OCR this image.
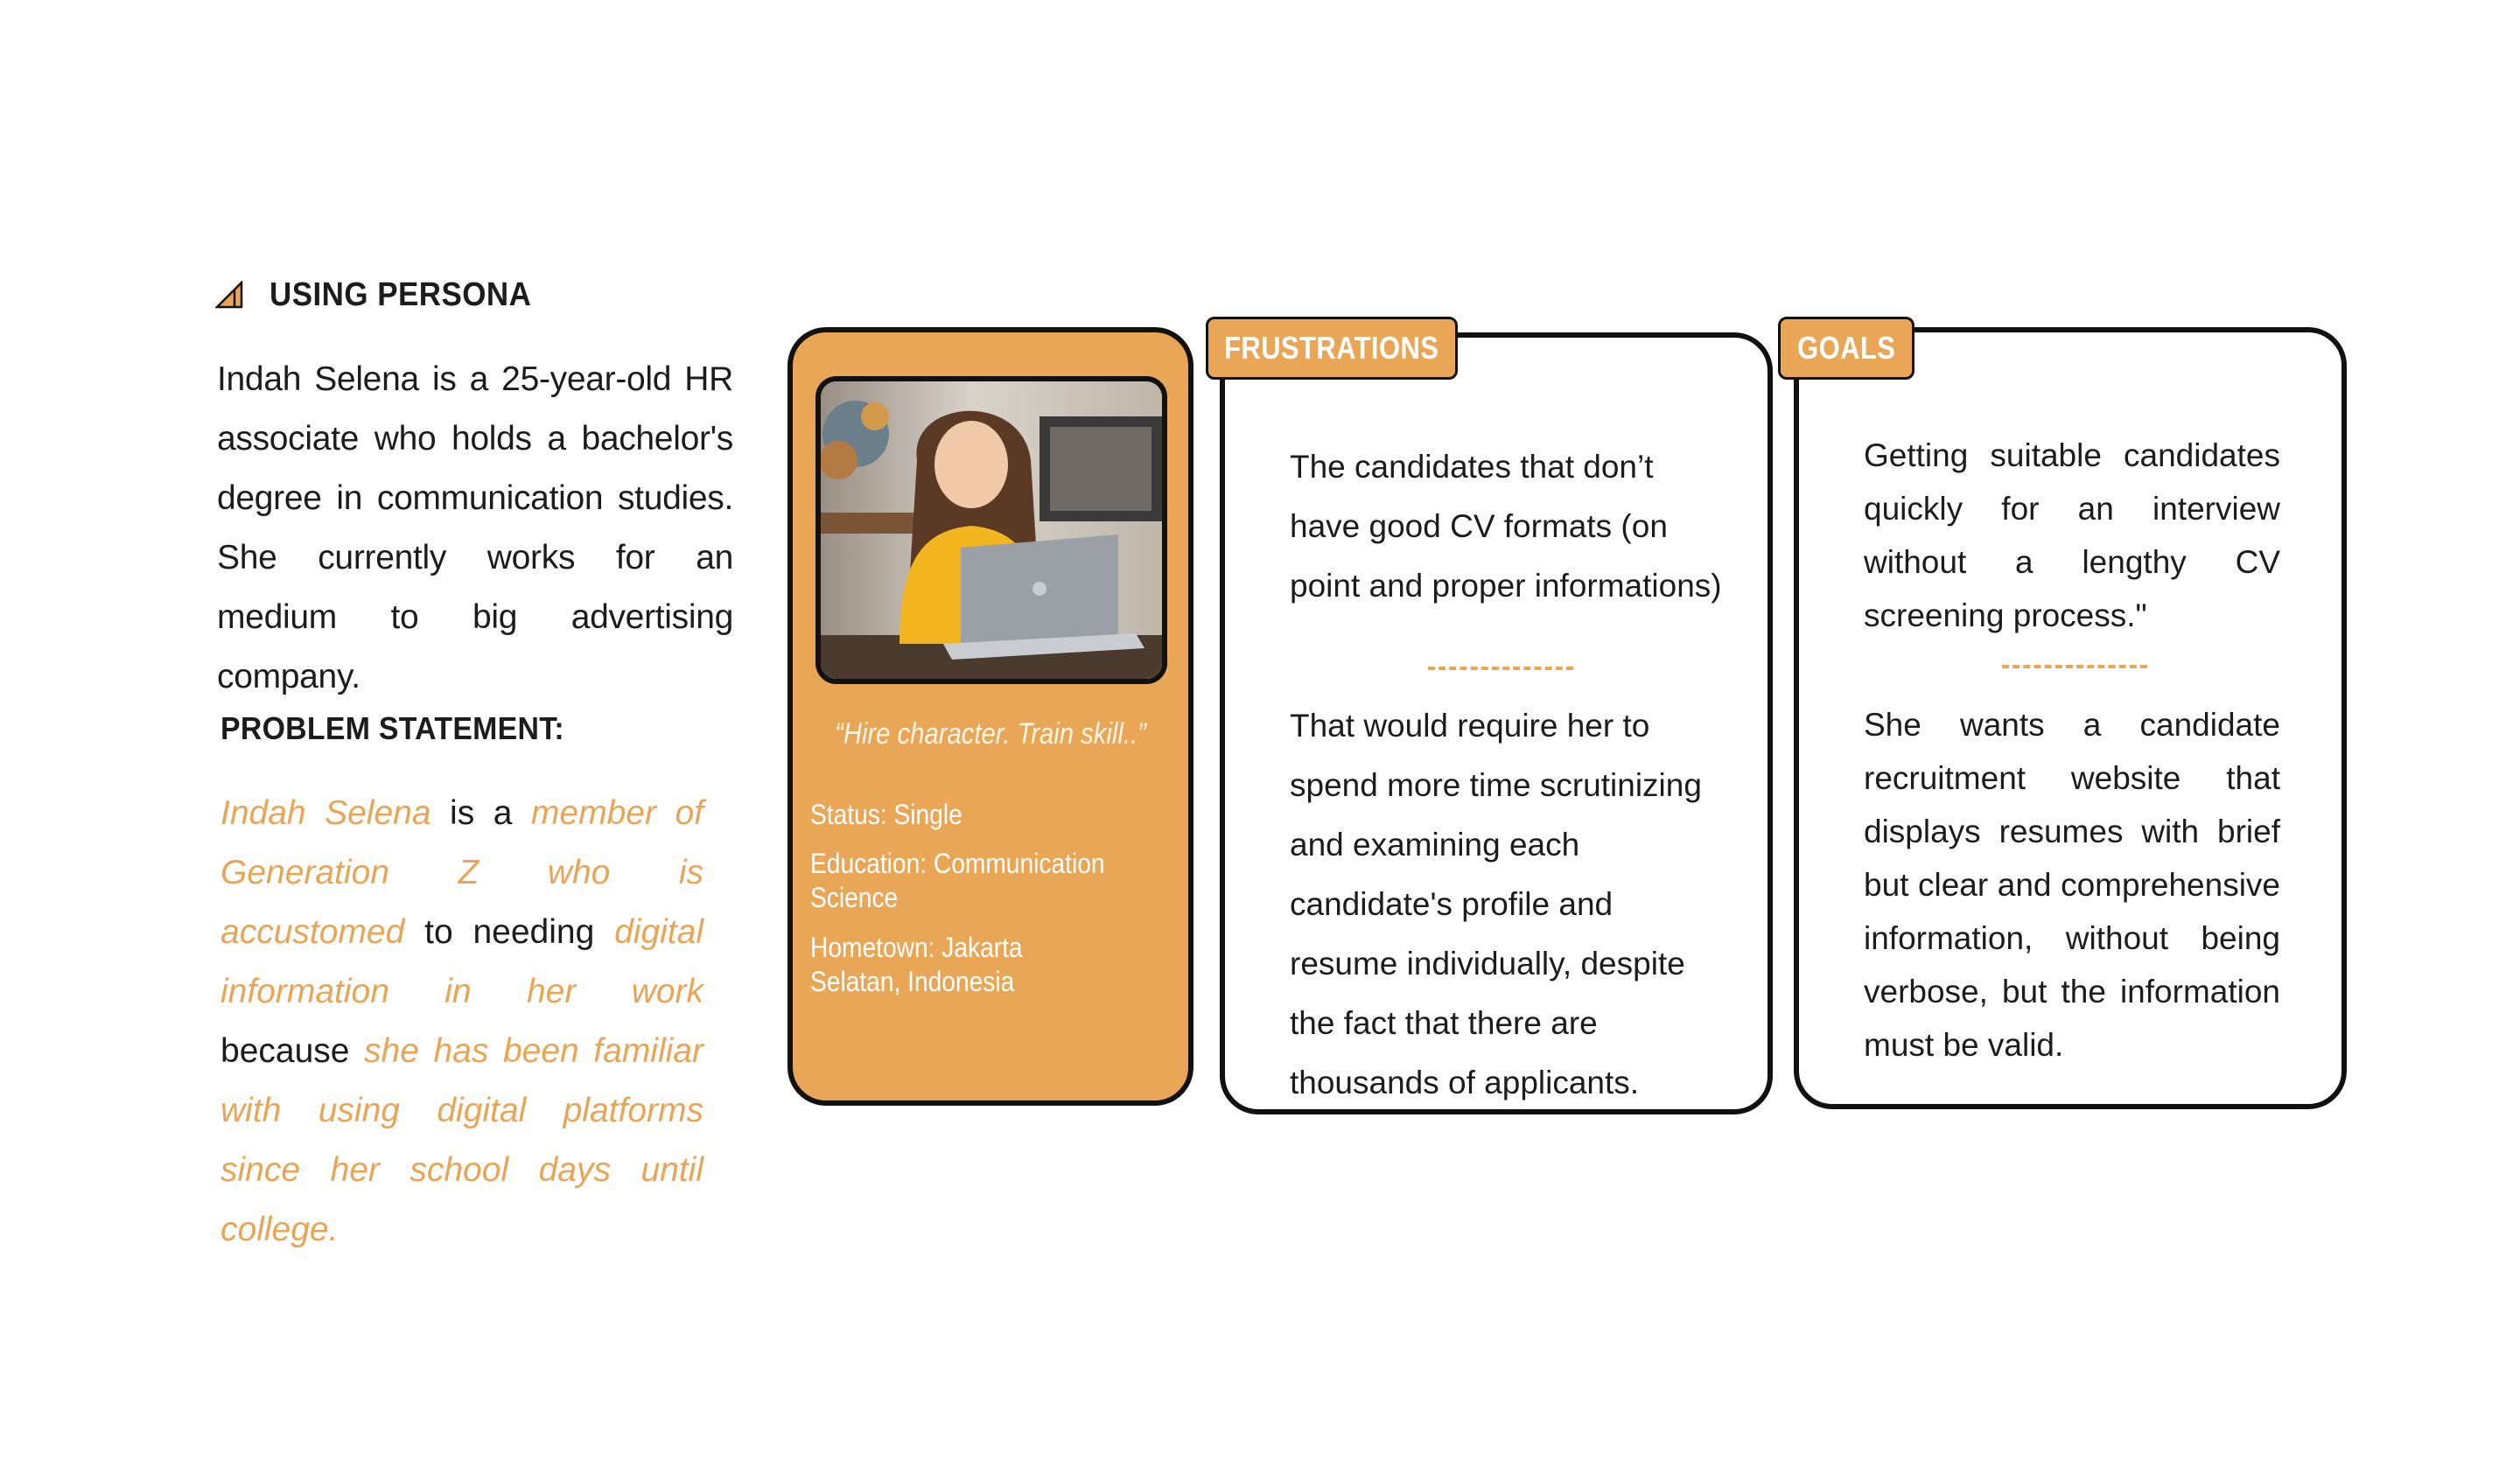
USING PERSONA
Indah Selena is a 25-year-old HR associate who holds a bachelor's degree in communication studies. She currently works for an medium to big advertising company.
PROBLEM STATEMENT:
Indah Selena is a member of Generation Z who is accustomed to needing digital information in her work because she has been familiar with using digital platforms since her school days until college.
“Hire character. Train skill..”
Status: Single
Education: Communication Science
Hometown: Jakarta Selatan, Indonesia
The candidates that don’t have good CV formats (on point and proper informations)
That would require her to spend more time scrutinizing and examining each candidate's profile and resume individually, despite the fact that there are thousands of applicants.
FRUSTRATIONS
Getting suitable candidates quickly for an interview without a lengthy CV screening process."
She wants a candidate recruitment website that displays resumes with brief but clear and comprehensive information, without being verbose, but the information must be valid.
GOALS
